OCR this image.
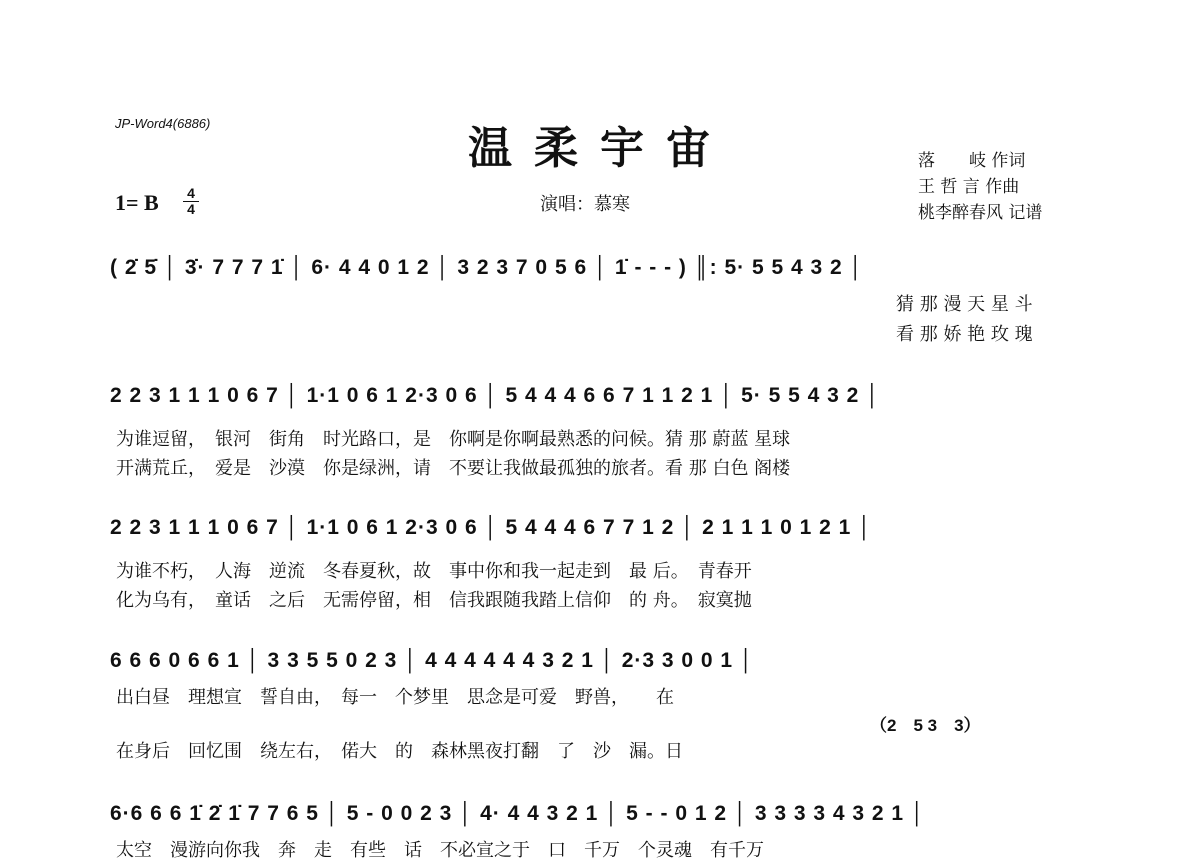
JP-Word4(6886)	温柔宇宙
1= B 4
4	演唱：慕寒
落　　岐 作词
王 哲 言 作曲
桃李醉春风 记谱
( 2̇ 5̇ │ 3̇· 7 7 7 1̇ │ 6· 4 4 0 1 2 │ 3 2 3 7 0 5 6 │ 1̇ - - - ) ║: 5· 5 5 4 3 2 │
猜 那 漫 天 星 斗
看 那 娇 艳 玫 瑰
2 2 3 1 1 1 0 6 7 │ 1·1 0 6 1 2·3 0 6 │ 5 4 4 4 6 6 7 1 1 2 1 │ 5· 5 5 4 3 2 │
为谁逗留，　银河　街角　时光路口，是　你啊是你啊最熟悉的问候。猜 那 蔚蓝 星球
开满荒丘，　爱是　沙漠　你是绿洲，请　不要让我做最孤独的旅者。看 那 白色 阁楼
2 2 3 1 1 1 0 6 7 │ 1·1 0 6 1 2·3 0 6 │ 5 4 4 4 6 7 7 1 2 │ 2 1 1 1 0 1 2 1 │
为谁不朽，　人海　逆流　冬春夏秋，故　事中你和我一起走到　最 后。　青春开
化为乌有，　童话　之后　无需停留，相　信我跟随我踏上信仰　的 舟。　寂寞抛
6 6 6 0 6 6 1 │ 3 3 5 5 0 2 3 │ 4 4 4 4 4 4 3 2 1 │ 2·3 3 0 0 1 │
出白昼　理想宣　誓自由，　每一　个梦里　思念是可爱　野兽，　　在
（2　5 3　3）
在身后　回忆围　绕左右，　偌大　的　森林黑夜打翻　了　沙　漏。日
6·6 6 6 1̇ 2̇ 1̇ 7 7 6 5 │ 5 - 0 0 2 3 │ 4· 4 4 3 2 1 │ 5 - - 0 1 2 │ 3 3 3 3 4 3 2 1 │
太空　漫游向你我　奔　走　有些　话　不必宣之于　口　千万　个灵魂　有千万
